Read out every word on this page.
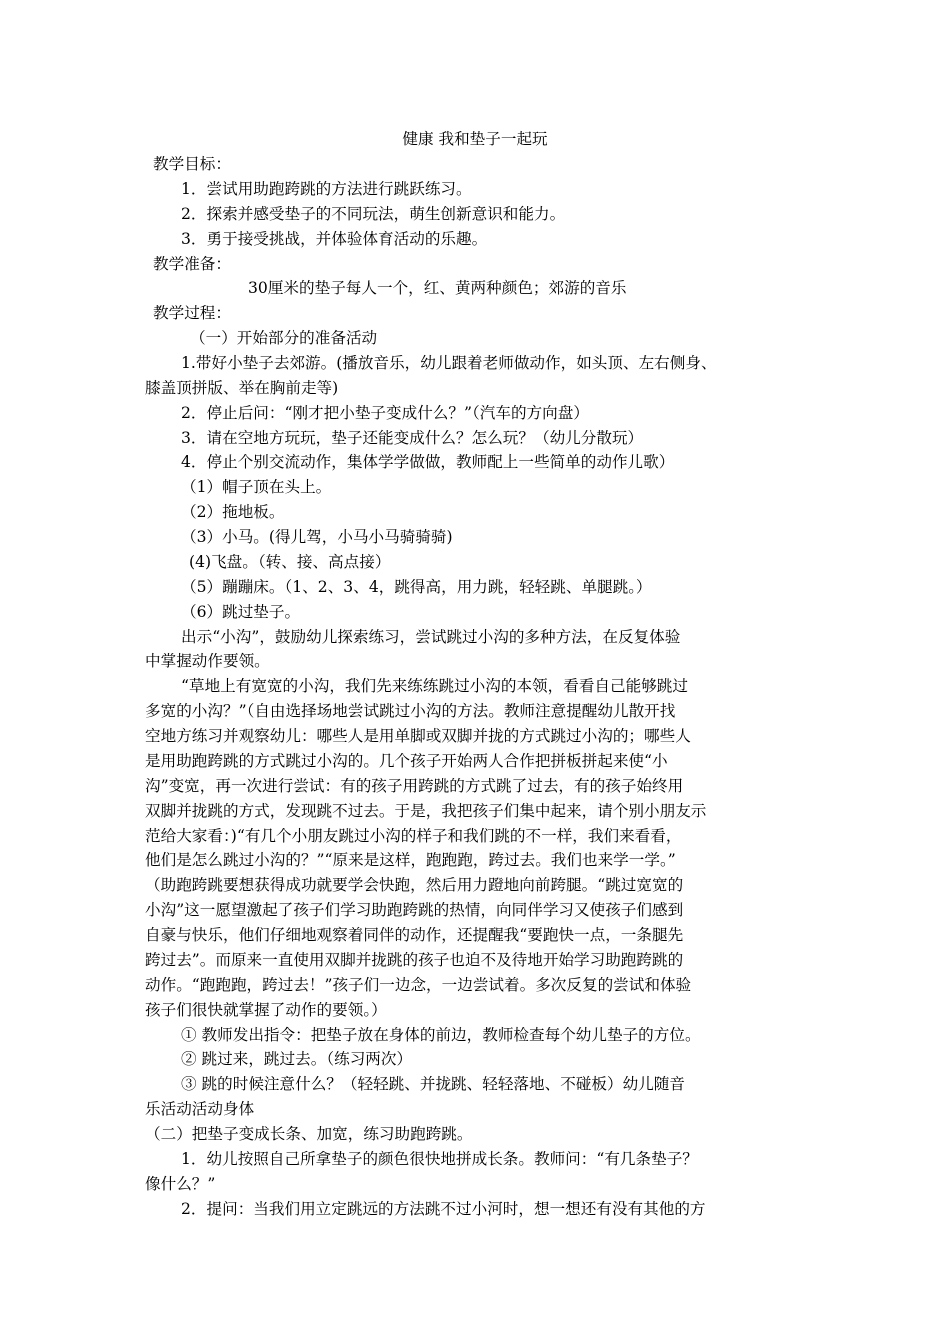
健康 我和垫子一起玩
教学目标：
1．尝试用助跑跨跳的方法进行跳跃练习。
2．探索并感受垫子的不同玩法，萌生创新意识和能力。
3．勇于接受挑战，并体验体育活动的乐趣。
教学准备：
30厘米的垫子每人一个，红、黄两种颜色；郊游的音乐
教学过程：
（一）开始部分的准备活动
1.带好小垫子去郊游。(播放音乐，幼儿跟着老师做动作，如头顶、左右侧身、
膝盖顶拼版、举在胸前走等)
2．停止后问：“刚才把小垫子变成什么？”（汽车的方向盘）
3．请在空地方玩玩，垫子还能变成什么？怎么玩？（幼儿分散玩）
4．停止个别交流动作，集体学学做做，教师配上一些简单的动作儿歌）
（1）帽子顶在头上。
（2）拖地板。
（3）小马。(得儿驾，小马小马骑骑骑)
(4)飞盘。（转、接、高点接）
（5）蹦蹦床。（1、2、3、4，跳得高，用力跳，轻轻跳、单腿跳。）
（6）跳过垫子。
出示“小沟”，鼓励幼儿探索练习，尝试跳过小沟的多种方法，在反复体验
中掌握动作要领。
“草地上有宽宽的小沟，我们先来练练跳过小沟的本领，看看自己能够跳过
多宽的小沟？”（自由选择场地尝试跳过小沟的方法。教师注意提醒幼儿散开找
空地方练习并观察幼儿：哪些人是用单脚或双脚并拢的方式跳过小沟的；哪些人
是用助跑跨跳的方式跳过小沟的。几个孩子开始两人合作把拼板拼起来使“小
沟”变宽，再一次进行尝试：有的孩子用跨跳的方式跳了过去，有的孩子始终用
双脚并拢跳的方式，发现跳不过去。于是，我把孩子们集中起来，请个别小朋友示
范给大家看：)“有几个小朋友跳过小沟的样子和我们跳的不一样，我们来看看，
他们是怎么跳过小沟的？”“原来是这样，跑跑跑，跨过去。我们也来学一学。”
（助跑跨跳要想获得成功就要学会快跑，然后用力蹬地向前跨腿。“跳过宽宽的
小沟”这一愿望激起了孩子们学习助跑跨跳的热情，向同伴学习又使孩子们感到
自豪与快乐，他们仔细地观察着同伴的动作，还提醒我“要跑快一点，一条腿先
跨过去”。而原来一直使用双脚并拢跳的孩子也迫不及待地开始学习助跑跨跳的
动作。“跑跑跑，跨过去！”孩子们一边念，一边尝试着。多次反复的尝试和体验
孩子们很快就掌握了动作的要领。）
① 教师发出指令：把垫子放在身体的前边，教师检查每个幼儿垫子的方位。
② 跳过来，跳过去。（练习两次）
③ 跳的时候注意什么？（轻轻跳、并拢跳、轻轻落地、不碰板）幼儿随音
乐活动活动身体
（二）把垫子变成长条、加宽，练习助跑跨跳。
1．幼儿按照自己所拿垫子的颜色很快地拼成长条。教师问：“有几条垫子？
像什么？”
2．提问：当我们用立定跳远的方法跳不过小河时，想一想还有没有其他的方
